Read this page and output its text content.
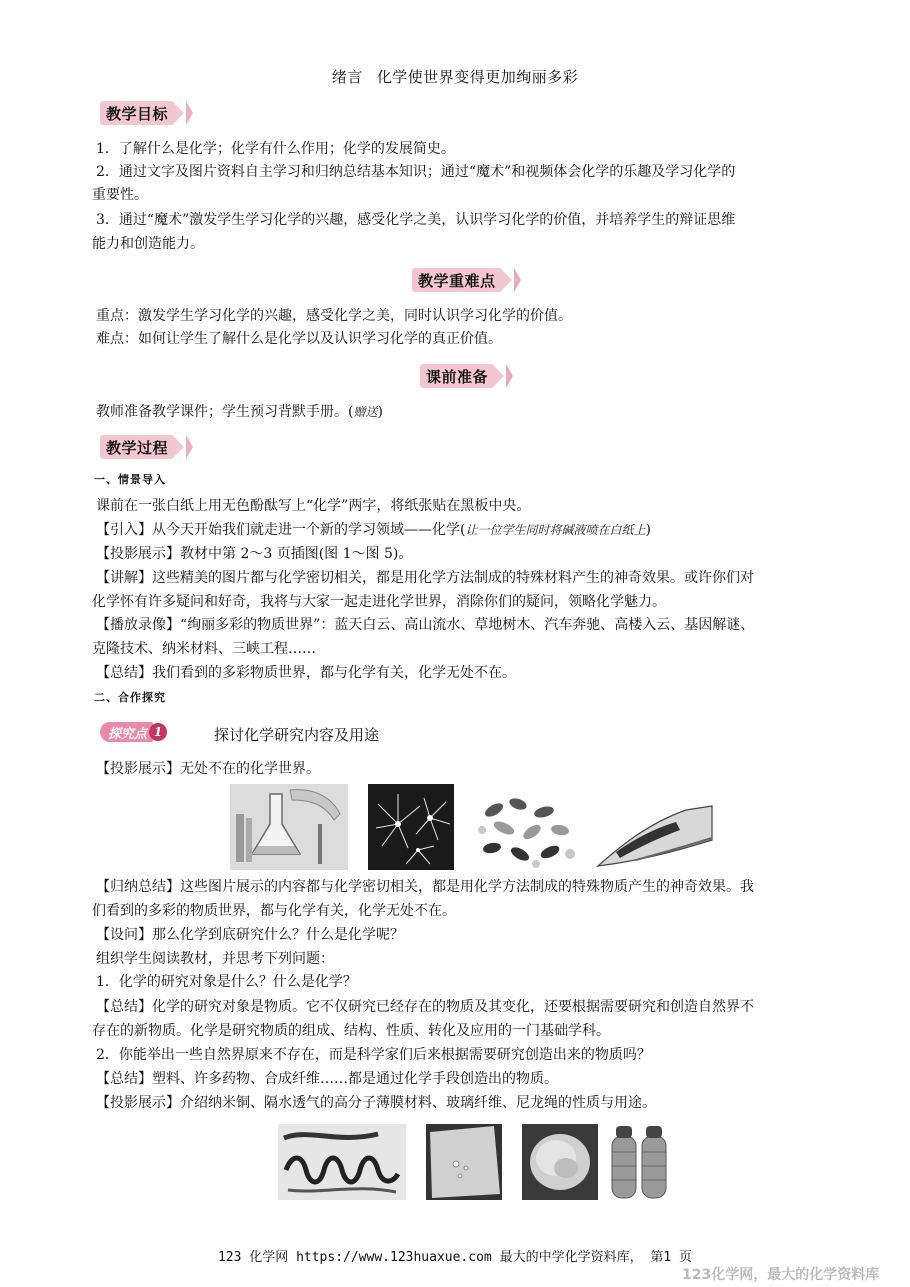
绪言 化学使世界变得更加绚丽多彩
教学目标
1．了解什么是化学；化学有什么作用；化学的发展简史。
2．通过文字及图片资料自主学习和归纳总结基本知识；通过“魔术”和视频体会化学的乐趣及学习化学的
重要性。
3．通过“魔术”激发学生学习化学的兴趣，感受化学之美，认识学习化学的价值，并培养学生的辩证思维
能力和创造能力。
教学重难点
重点：激发学生学习化学的兴趣，感受化学之美，同时认识学习化学的价值。
难点：如何让学生了解什么是化学以及认识学习化学的真正价值。
课前准备
教师准备教学课件；学生预习背默手册。(赠送)
教学过程
一、情景导入
课前在一张白纸上用无色酚酞写上“化学”两字，将纸张贴在黑板中央。
【引入】从今天开始我们就走进一个新的学习领域——化学(让一位学生同时将碱液喷在白纸上)
【投影展示】教材中第 2～3 页插图(图 1～图 5)。
【讲解】这些精美的图片都与化学密切相关，都是用化学方法制成的特殊材料产生的神奇效果。或许你们对
化学怀有许多疑问和好奇，我将与大家一起走进化学世界，消除你们的疑问，领略化学魅力。
【播放录像】“绚丽多彩的物质世界”：蓝天白云、高山流水、草地树木、汽车奔驰、高楼入云、基因解谜、
克隆技术、纳米材料、三峡工程……
【总结】我们看到的多彩物质世界，都与化学有关，化学无处不在。
二、合作探究
探究点 1	探讨化学研究内容及用途
【投影展示】无处不在的化学世界。
【归纳总结】这些图片展示的内容都与化学密切相关，都是用化学方法制成的特殊物质产生的神奇效果。我
们看到的多彩的物质世界，都与化学有关，化学无处不在。
【设问】那么化学到底研究什么？什么是化学呢？
组织学生阅读教材，并思考下列问题：
1．化学的研究对象是什么？什么是化学？
【总结】化学的研究对象是物质。它不仅研究已经存在的物质及其变化，还要根据需要研究和创造自然界不
存在的新物质。化学是研究物质的组成、结构、性质、转化及应用的一门基础学科。
2．你能举出一些自然界原来不存在，而是科学家们后来根据需要研究创造出来的物质吗？
【总结】塑料、许多药物、合成纤维……都是通过化学手段创造出的物质。
【投影展示】介绍纳米铜、隔水透气的高分子薄膜材料、玻璃纤维、尼龙绳的性质与用途。
123 化学网 https://www.123huaxue.com 最大的中学化学资料库， 第1 页
123化学网，最大的化学资料库
